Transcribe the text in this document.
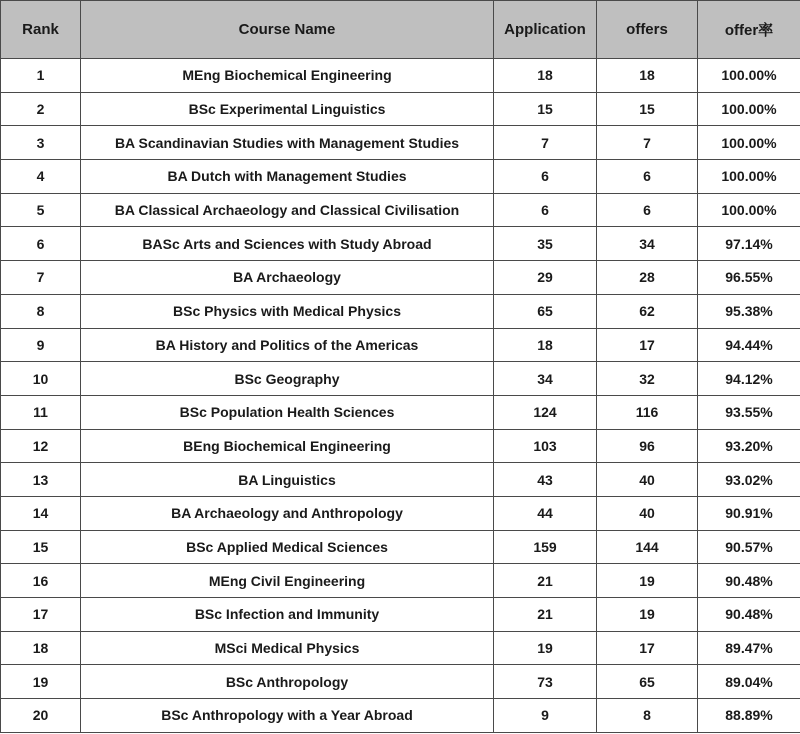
Rank	Course Name	Application	offers	offer率
1	MEng Biochemical Engineering	18	18	100.00%
2	BSc Experimental Linguistics	15	15	100.00%
3	BA Scandinavian Studies with Management Studies	7	7	100.00%
4	BA Dutch with Management Studies	6	6	100.00%
5	BA Classical Archaeology and Classical Civilisation	6	6	100.00%
6	BASc Arts and Sciences with Study Abroad	35	34	97.14%
7	BA Archaeology	29	28	96.55%
8	BSc Physics with Medical Physics	65	62	95.38%
9	BA History and Politics of the Americas	18	17	94.44%
10	BSc Geography	34	32	94.12%
11	BSc Population Health Sciences	124	116	93.55%
12	BEng Biochemical Engineering	103	96	93.20%
13	BA Linguistics	43	40	93.02%
14	BA Archaeology and Anthropology	44	40	90.91%
15	BSc Applied Medical Sciences	159	144	90.57%
16	MEng Civil Engineering	21	19	90.48%
17	BSc Infection and Immunity	21	19	90.48%
18	MSci Medical Physics	19	17	89.47%
19	BSc Anthropology	73	65	89.04%
20	BSc Anthropology with a Year Abroad	9	8	88.89%
